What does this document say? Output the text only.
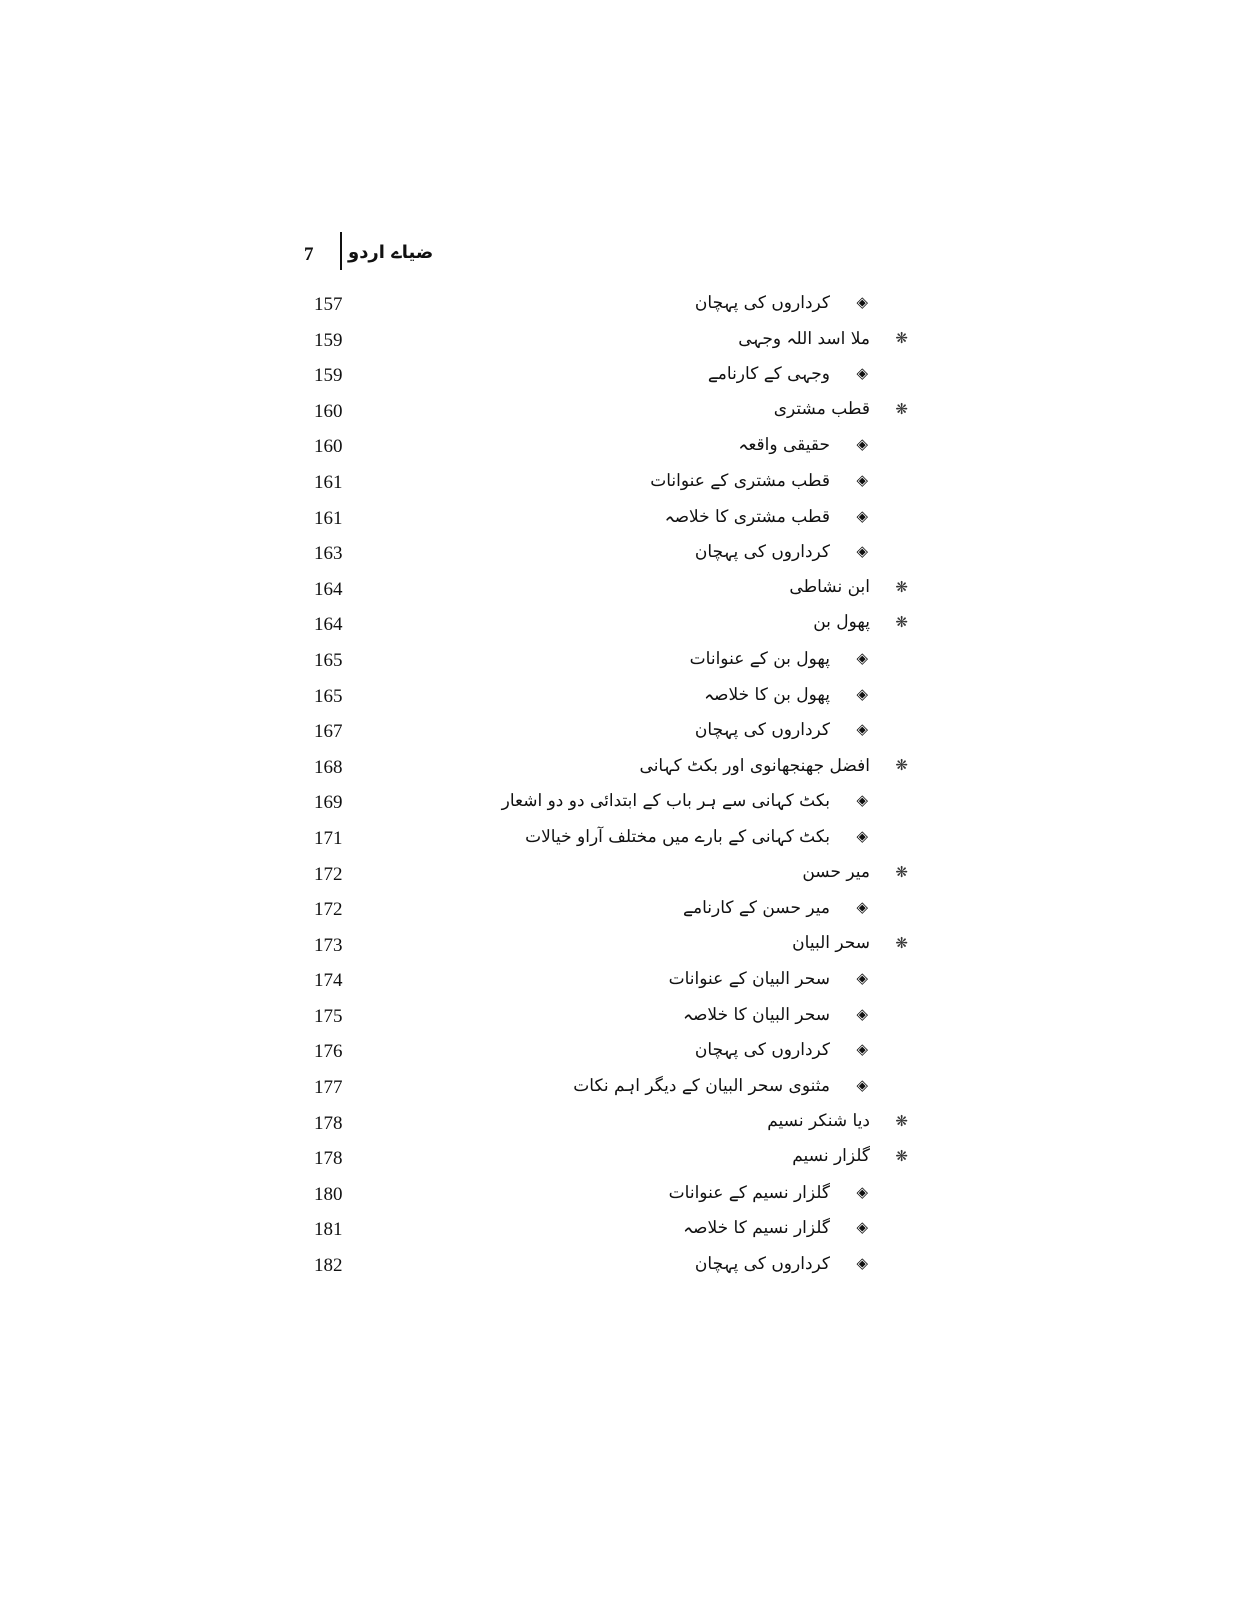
7 ضیاے اردو
157	کرداروں کی پہچان ◈
159	ملا اسد اللہ وجہی ❋
159	وجہی کے کارنامے ◈
160	قطب مشتری ❋
160	حقیقی واقعہ ◈
161	قطب مشتری کے عنوانات ◈
161	قطب مشتری کا خلاصہ ◈
163	کرداروں کی پہچان ◈
164	ابن نشاطی ❋
164	پھول بن ❋
165	پھول بن کے عنوانات ◈
165	پھول بن کا خلاصہ ◈
167	کرداروں کی پہچان ◈
168	افضل جھنجھانوی اور بکٹ کہانی ❋
169	بکٹ کہانی سے ہر باب کے ابتدائی دو دو اشعار ◈
171	بکٹ کہانی کے بارے میں مختلف آراو خیالات ◈
172	میر حسن ❋
172	میر حسن کے کارنامے ◈
173	سحر البیان ❋
174	سحر البیان کے عنوانات ◈
175	سحر البیان کا خلاصہ ◈
176	کرداروں کی پہچان ◈
177	مثنوی سحر البیان کے دیگر اہم نکات ◈
178	دیا شنکر نسیم ❋
178	گلزار نسیم ❋
180	گلزار نسیم کے عنوانات ◈
181	گلزار نسیم کا خلاصہ ◈
182	کرداروں کی پہچان ◈
